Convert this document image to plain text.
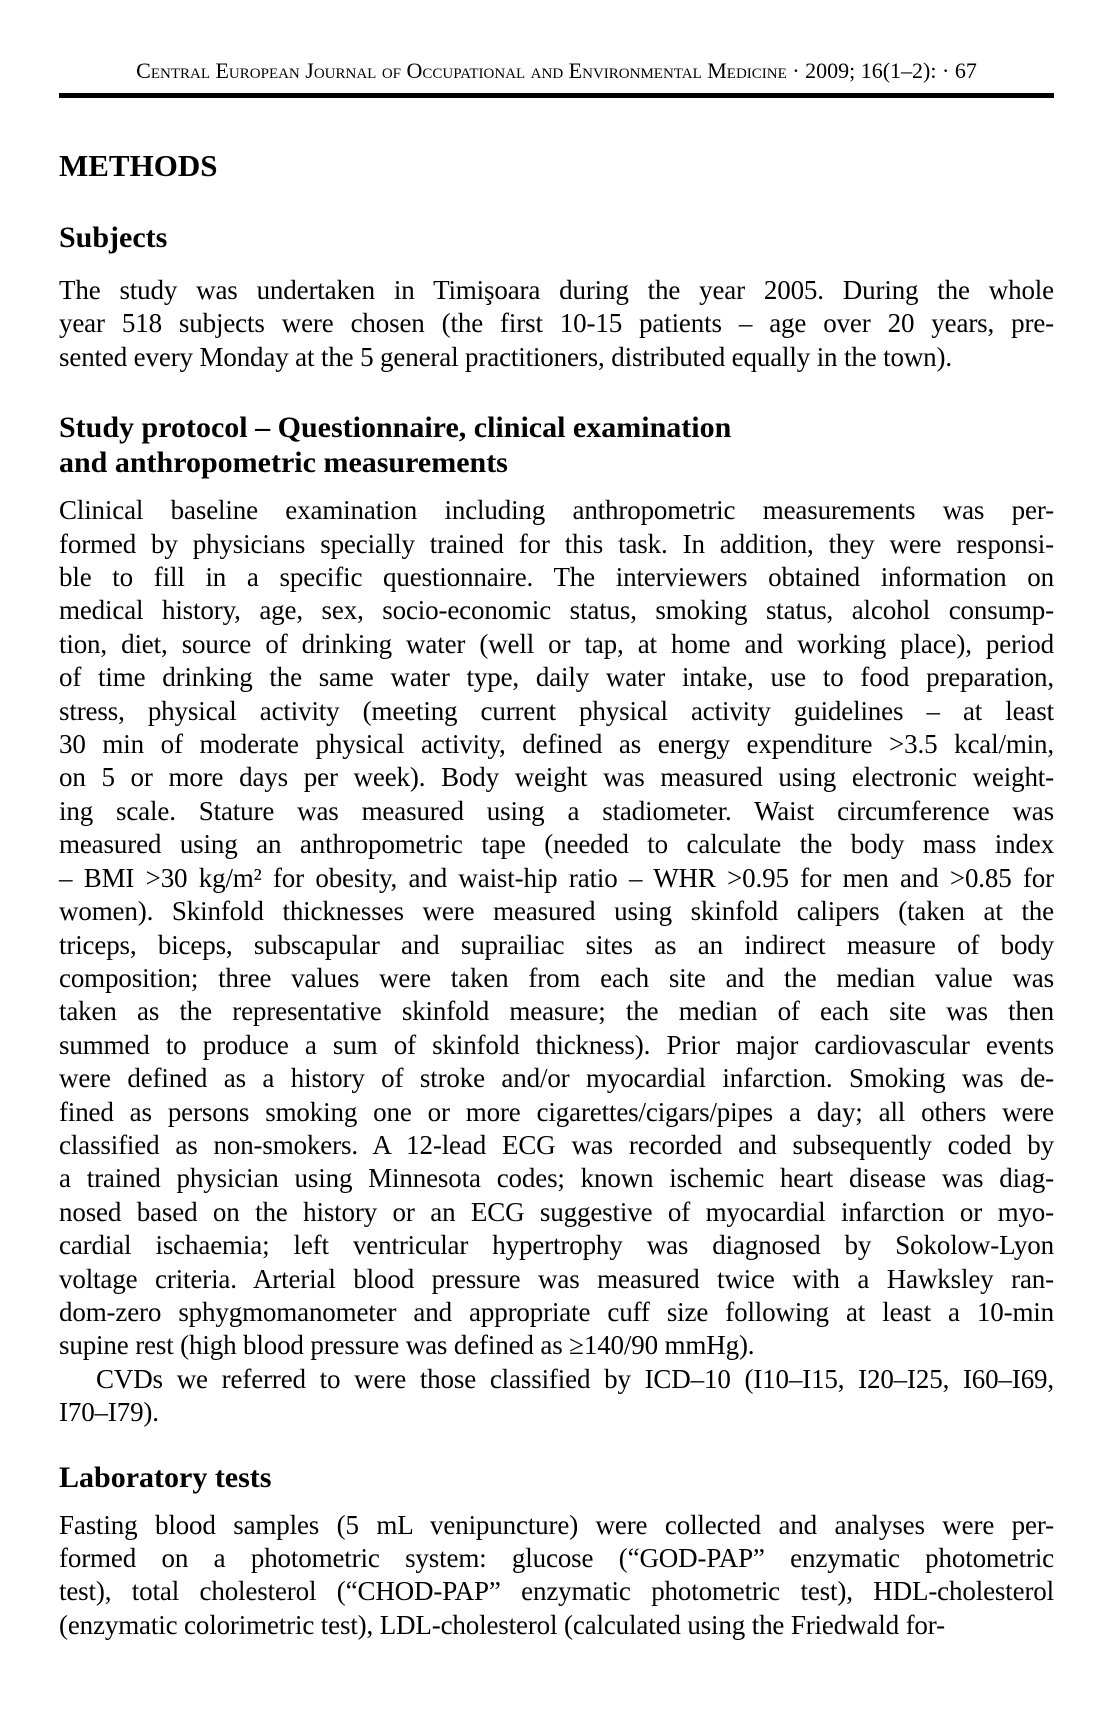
Central European Journal of Occupational and Environmental Medicine · 2009; 16(1–2): · 67
METHODS
Subjects
The study was undertaken in Timişoara during the year 2005. During the whole
year 518 subjects were chosen (the first 10-15 patients – age over 20 years, pre-
sented every Monday at the 5 general practitioners, distributed equally in the town).
Study protocol – Questionnaire, clinical examination
and anthropometric measurements
Clinical baseline examination including anthropometric measurements was per-
formed by physicians specially trained for this task. In addition, they were responsi-
ble to fill in a specific questionnaire. The interviewers obtained information on
medical history, age, sex, socio-economic status, smoking status, alcohol consump-
tion, diet, source of drinking water (well or tap, at home and working place), period
of time drinking the same water type, daily water intake, use to food preparation,
stress, physical activity (meeting current physical activity guidelines – at least
30 min of moderate physical activity, defined as energy expenditure >3.5 kcal/min,
on 5 or more days per week). Body weight was measured using electronic weight-
ing scale. Stature was measured using a stadiometer. Waist circumference was
measured using an anthropometric tape (needed to calculate the body mass index
– BMI >30 kg/m² for obesity, and waist-hip ratio – WHR >0.95 for men and >0.85 for
women). Skinfold thicknesses were measured using skinfold calipers (taken at the
triceps, biceps, subscapular and suprailiac sites as an indirect measure of body
composition; three values were taken from each site and the median value was
taken as the representative skinfold measure; the median of each site was then
summed to produce a sum of skinfold thickness). Prior major cardiovascular events
were defined as a history of stroke and/or myocardial infarction. Smoking was de-
fined as persons smoking one or more cigarettes/cigars/pipes a day; all others were
classified as non-smokers. A 12-lead ECG was recorded and subsequently coded by
a trained physician using Minnesota codes; known ischemic heart disease was diag-
nosed based on the history or an ECG suggestive of myocardial infarction or myo-
cardial ischaemia; left ventricular hypertrophy was diagnosed by Sokolow-Lyon
voltage criteria. Arterial blood pressure was measured twice with a Hawksley ran-
dom-zero sphygmomanometer and appropriate cuff size following at least a 10-min
supine rest (high blood pressure was defined as ≥140/90 mmHg).
CVDs we referred to were those classified by ICD–10 (I10–I15, I20–I25, I60–I69,
I70–I79).
Laboratory tests
Fasting blood samples (5 mL venipuncture) were collected and analyses were per-
formed on a photometric system: glucose (“GOD-PAP” enzymatic photometric
test), total cholesterol (“CHOD-PAP” enzymatic photometric test), HDL-cholesterol
(enzymatic colorimetric test), LDL-cholesterol (calculated using the Friedwald for-
